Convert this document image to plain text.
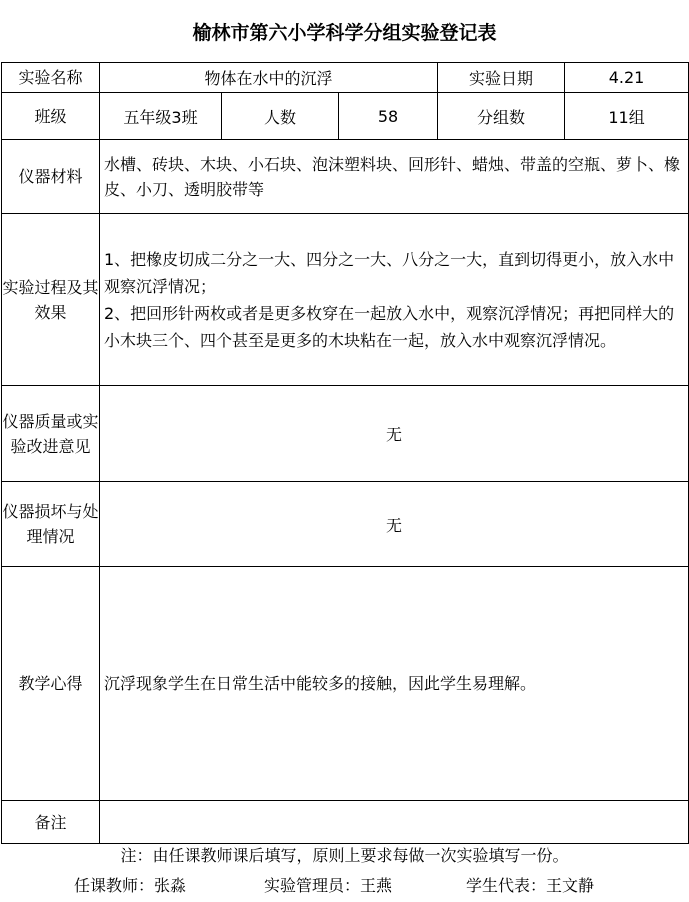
榆林市第六小学科学分组实验登记表
实验名称	物体在水中的沉浮			实验日期	4.21
班级	五年级3班	人数	58	分组数	11组
仪器材料	水槽、砖块、木块、小石块、泡沫塑料块、回形针、蜡烛、带盖的空瓶、萝卜、橡皮、小刀、透明胶带等				
实验过程及其效果	1、把橡皮切成二分之一大、四分之一大、八分之一大，直到切得更小，放入水中观察沉浮情况；

2、把回形针两枚或者是更多枚穿在一起放入水中，观察沉浮情况；再把同样大的小木块三个、四个甚至是更多的木块粘在一起，放入水中观察沉浮情况。				

仪器质量或实验改进意见	无				
仪器损坏与处理情况	无				
教学心得	沉浮现象学生在日常生活中能较多的接触，因此学生易理解。				
备注					
注：由任课教师课后填写，原则上要求每做一次实验填写一份。
任课教师：张淼	实验管理员：王燕	学生代表：王文静
